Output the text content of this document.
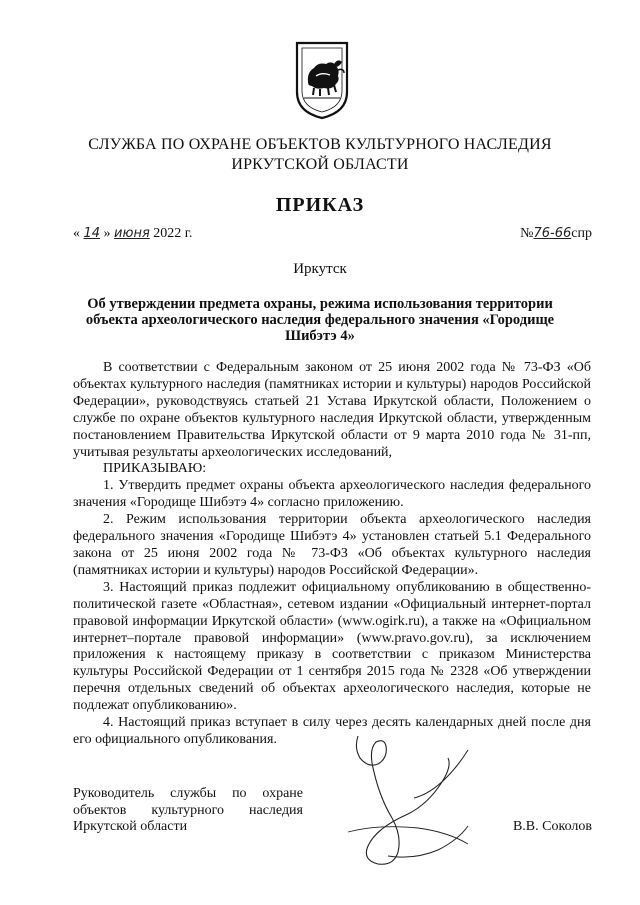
СЛУЖБА ПО ОХРАНЕ ОБЪЕКТОВ КУЛЬТУРНОГО НАСЛЕДИЯ
ИРКУТСКОЙ ОБЛАСТИ
ПРИКАЗ
« 14 » июня 2022 г.	№76-66спр
Иркутск
Об утверждении предмета охраны, режима использования территории объекта археологического наследия федерального значения «Городище Шибэтэ 4»

В соответствии с Федеральным законом от 25 июня 2002 года № 73-ФЗ «Об объектах культурного наследия (памятниках истории и культуры) народов Российской Федерации», руководствуясь статьей 21 Устава Иркутской области, Положением о службе по охране объектов культурного наследия Иркутской области, утвержденным постановлением Правительства Иркутской области от 9 марта 2010 года № 31-пп, учитывая результаты археологических исследований,

ПРИКАЗЫВАЮ:

1. Утвердить предмет охраны объекта археологического наследия федерального значения «Городище Шибэтэ 4» согласно приложению.

2. Режим использования территории объекта археологического наследия федерального значения «Городище Шибэтэ 4» установлен статьей 5.1 Федерального закона от 25 июня 2002 года № 73-ФЗ «Об объектах культурного наследия (памятниках истории и культуры) народов Российской Федерации».

3. Настоящий приказ подлежит официальному опубликованию в общественно-политической газете «Областная», сетевом издании «Официальный интернет-портал правовой информации Иркутской области» (www.ogirk.ru), а также на «Официальном интернет–портале правовой информации» (www.pravo.gov.ru), за исключением приложения к настоящему приказу в соответствии с приказом Министерства культуры Российской Федерации от 1 сентября 2015 года № 2328 «Об утверждении перечня отдельных сведений об объектах археологического наследия, которые не подлежат опубликованию».

4. Настоящий приказ вступает в силу через десять календарных дней после дня его официального опубликования.

Руководитель службы по охране объектов культурного наследия Иркутской области	В.В. Соколов
